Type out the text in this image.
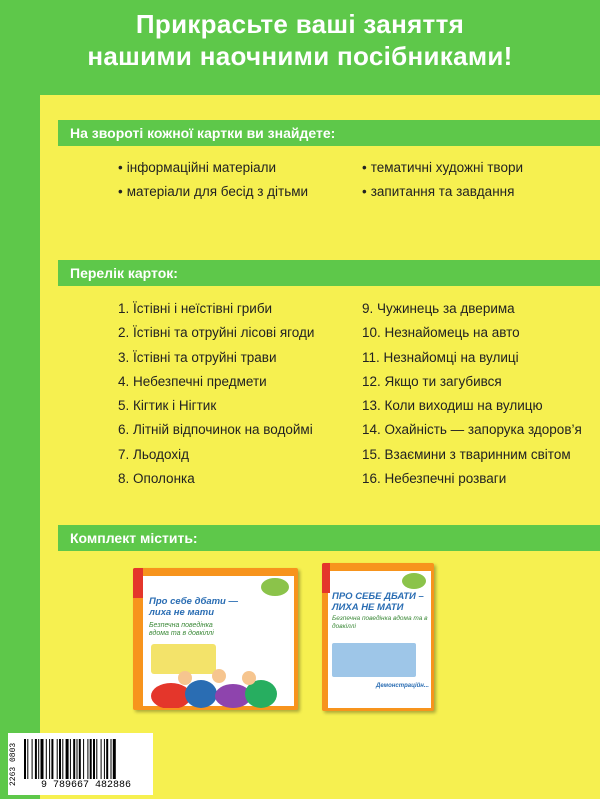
Прикрасьте ваші заняття
нашими наочними посібниками!
На звороті кожної картки ви знайдете:
• інформаційні матеріали
• матеріали для бесід з дітьми
• тематичні художні твори
• запитання та завдання
Перелік карток:
1. Їстівні і неїстівні гриби
2. Їстівні та отруйні лісові ягоди
3. Їстівні та отруйні трави
4. Небезпечні предмети
5. Кігтик і Нігтик
6. Літній відпочинок на водоймі
7. Льодохід
8. Ополонка
9. Чужинець за дверима
10. Незнайомець на авто
11. Незнайомці на вулиці
12. Якщо ти загубився
13. Коли виходиш на вулицю
14. Охайність — запорука здоров’я
15. Взаємини з тваринним світом
16. Небезпечні розваги
Комплект містить:
Про себе дбати — лиха не мати
Безпечна поведінка вдома та в довкіллі
ПРО СЕБЕ ДБАТИ – ЛИХА НЕ МАТИ
Безпечна поведінка вдома та в довкіллі
Демонстраційн...
2263 0803	9 789667 482886
